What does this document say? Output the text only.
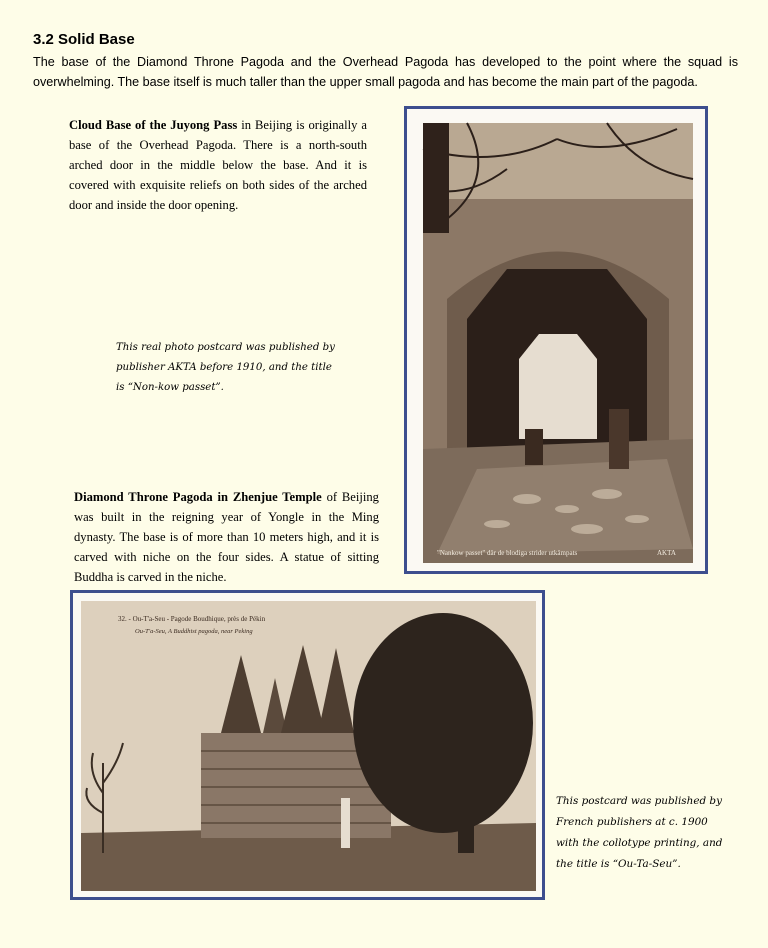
3.2 Solid Base

The base of the Diamond Throne Pagoda and the Overhead Pagoda has developed to the point where the squad is overwhelming. The base itself is much taller than the upper small pagoda and has become the main part of the pagoda.

Cloud Base of the Juyong Pass in Beijing is originally a base of the Overhead Pagoda. There is a north-south arched door in the middle below the base. And it is covered with exquisite reliefs on both sides of the arched door and inside the door opening.

This real photo postcard was published by publisher AKTA before 1910, and the title is “Non-kow passet”.

"Nankow passet" där de blodiga strider utkämpats	AKTA

Diamond Throne Pagoda in Zhenjue Temple of Beijing was built in the reigning year of Yongle in the Ming dynasty. The base is of more than 10 meters high, and it is carved with niche on the four sides. A statue of sitting Buddha is carved in the niche.

32. - Ou-T'a-Seu - Pagode Boudhique, près de Pékin
Ou-T'a-Seu, A Buddhist pagoda, near Peking

This postcard was published by French publishers at c. 1900 with the collotype printing, and the title is “Ou-Ta-Seu”.
